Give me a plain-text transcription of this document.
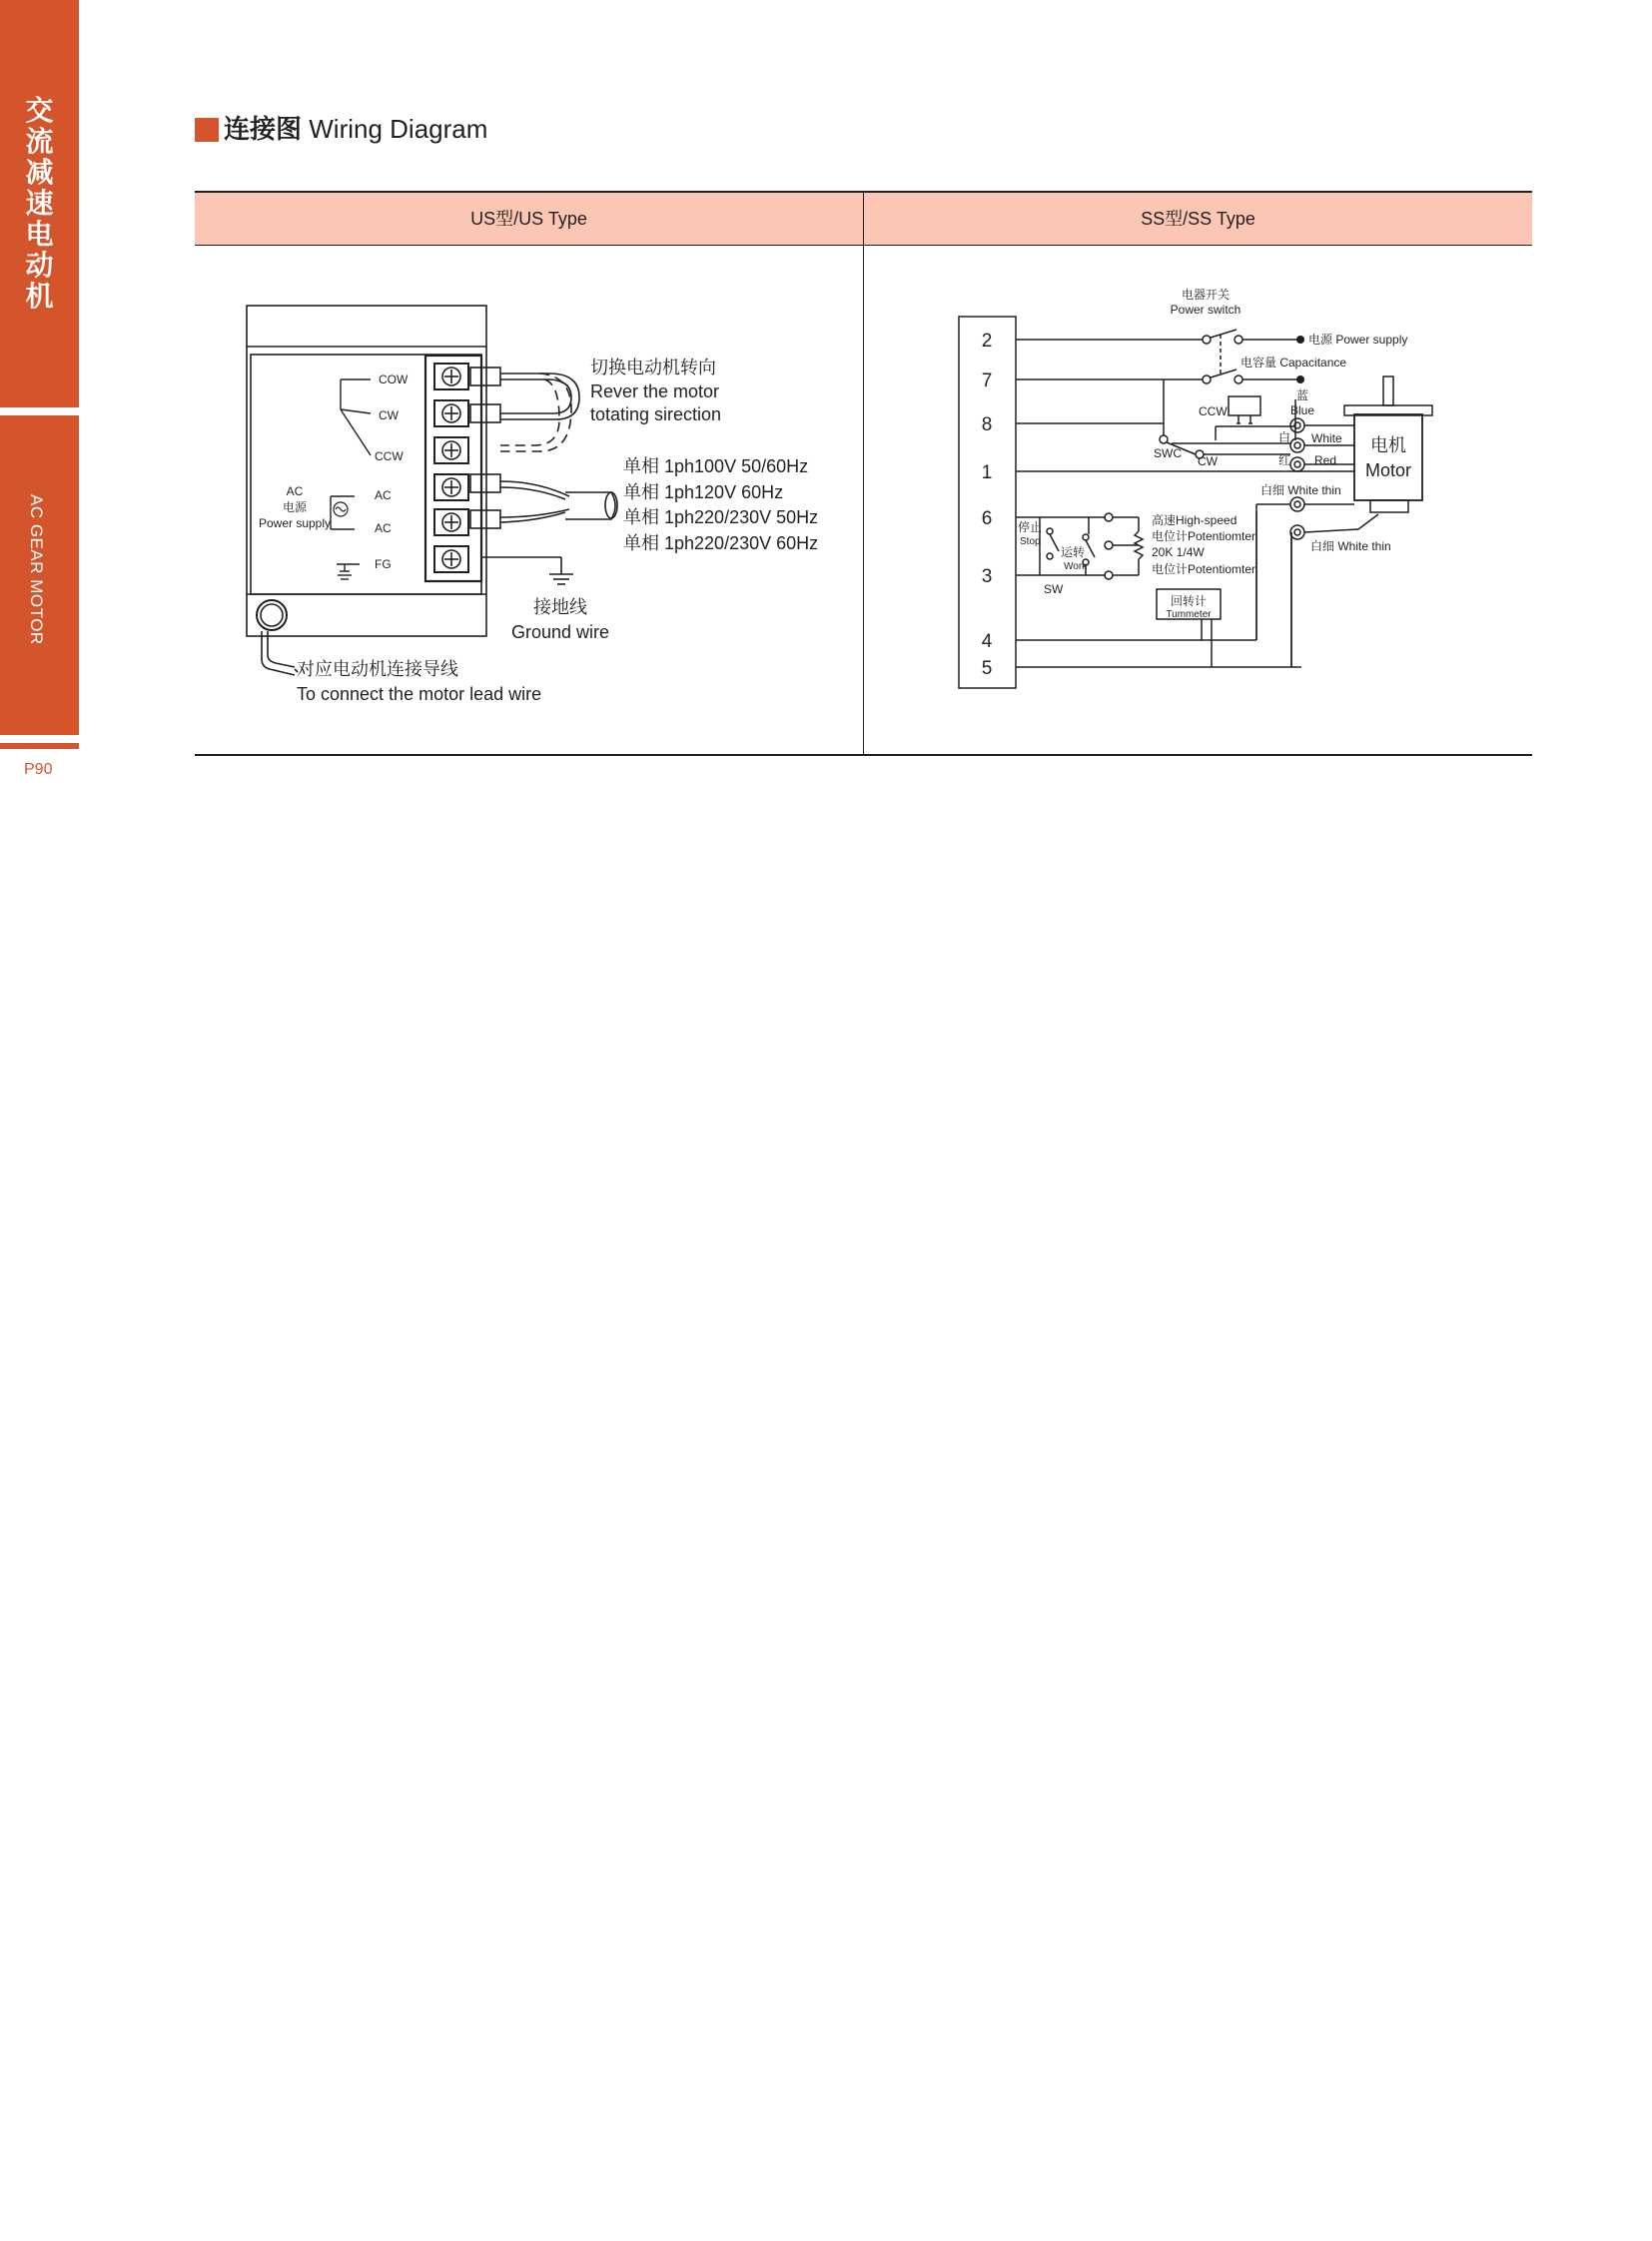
交
流
减
速
电
动
机
AC GEAR MOTOR
P90
连接图 Wiring Diagram
US型/US Type	SS型/SS Type
COW
CW
CCW
AC
电源
Power supply
AC
AC
FG
切换电动机转向
Rever the motor
totating sirection
单相 1ph100V 50/60Hz
单相 1ph120V 60Hz
单相 1ph220/230V 50Hz
单相 1ph220/230V 60Hz
接地线
Ground wire
对应电动机连接导线
To connect the motor lead wire
2
7
8
1
6
3
4
5
电器开关
Power switch
电源 Power supply
电容量 Capacitance
蓝
Blue
CCW
SWC
CW
白 White
红 Red
白细 White thin
白细 White thin
停止
运转
SW
高速High-speed
电位计Potentiomter
20K 1/4W
电位计Potentiomter
回转计
Stop
Work
Tummeter
电机
Motor
